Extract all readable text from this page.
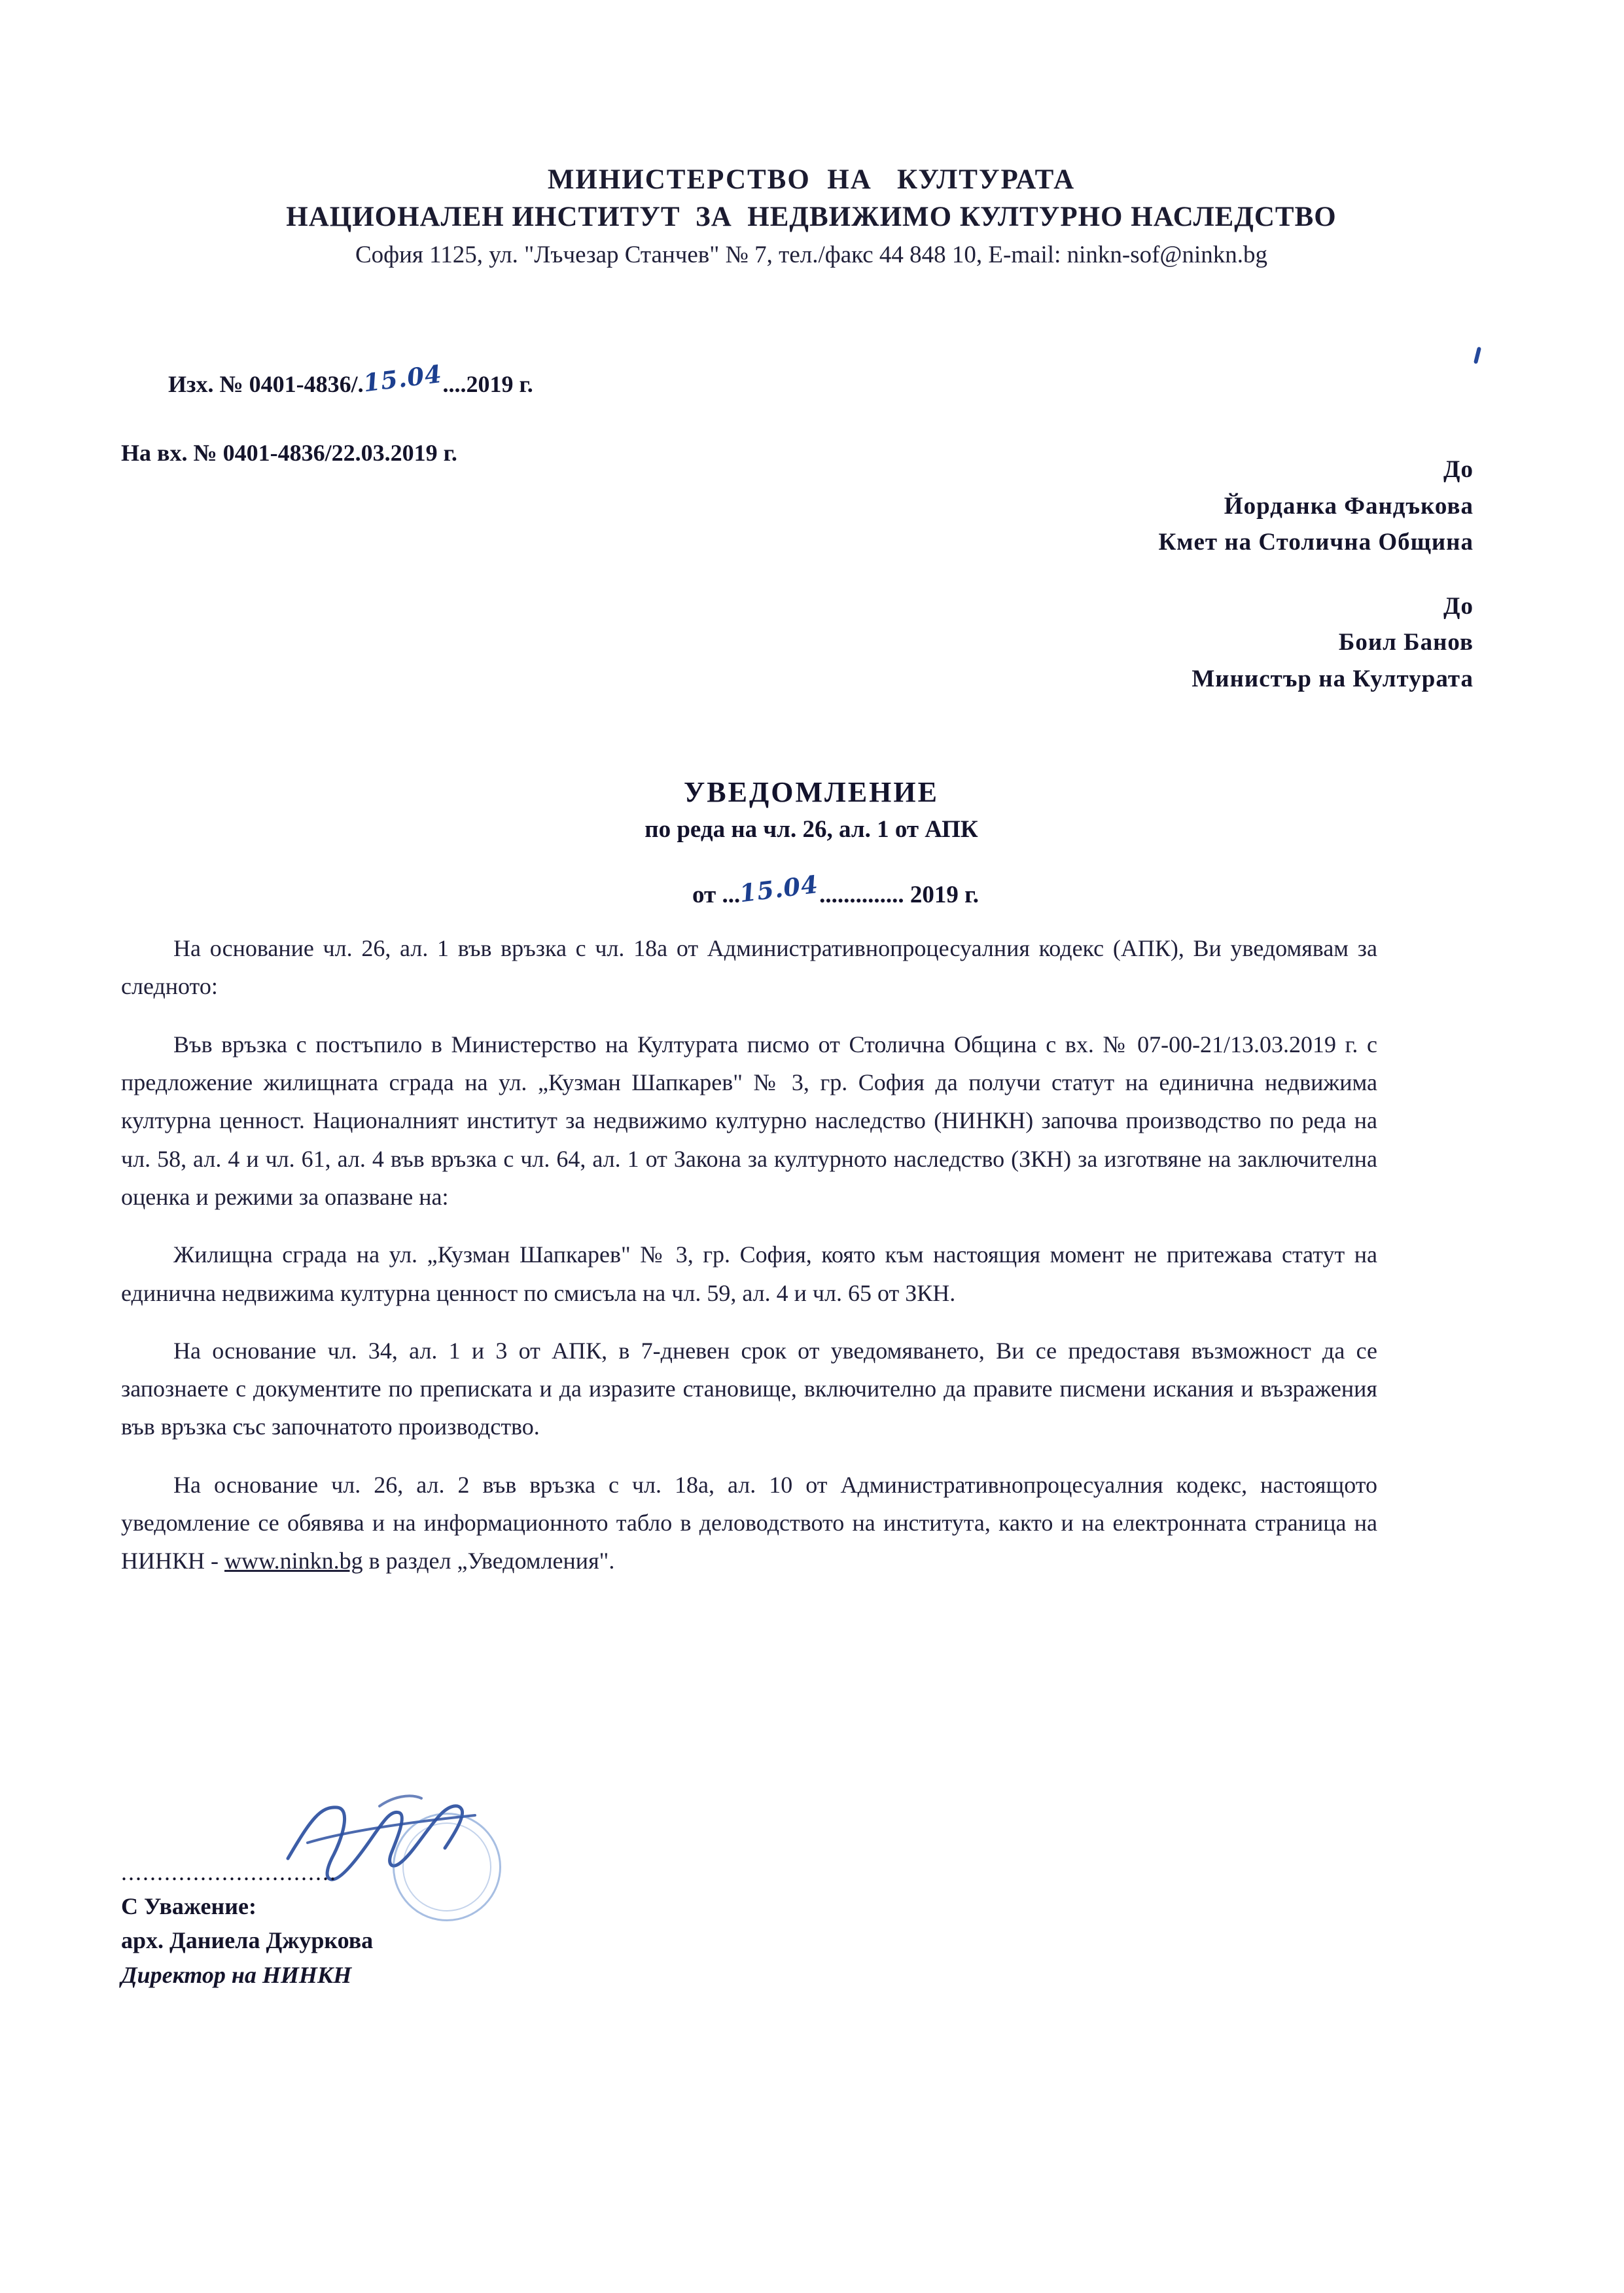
МИНИСТЕРСТВО  НА   КУЛТУРАТА
НАЦИОНАЛЕН ИНСТИТУТ  ЗА  НЕДВИЖИМО КУЛТУРНО НАСЛЕДСТВО
София 1125, ул. "Лъчезар Станчев" № 7, тел./факс 44 848 10, E-mail: ninkn-sof@ninkn.bg

Изх. № 0401-4836/.15.04....2019 г.

На вх. № 0401-4836/22.03.2019 г.
До
Йорданка Фандъкова
Кмет на Столична Община
До
Боил Банов
Министър на Културата
УВЕДОМЛЕНИЕ
по реда на чл. 26, ал. 1 от АПК

от ...15.04.............. 2019 г.

На основание чл. 26, ал. 1 във връзка с чл. 18а от Административнопроцесуалния кодекс (АПК), Ви уведомявам за следното:

Във връзка с постъпило в Министерство на Културата писмо от Столична Община с вх. № 07-00-21/13.03.2019 г. с предложение жилищната сграда на ул. „Кузман Шапкарев" № 3, гр. София да получи статут на единична недвижима културна ценност. Националният институт за недвижимо културно наследство (НИНКН) започва производство по реда на чл. 58, ал. 4 и чл. 61, ал. 4 във връзка с чл. 64, ал. 1 от Закона за културното наследство (ЗКН) за изготвяне на заключителна оценка и режими за опазване на:

Жилищна сграда на ул. „Кузман Шапкарев" № 3, гр. София, която към настоящия момент не притежава статут на единична недвижима културна ценност по смисъла на чл. 59, ал. 4 и чл. 65 от ЗКН.

На основание чл. 34, ал. 1 и 3 от АПК, в 7-дневен срок от уведомяването, Ви се предоставя възможност да се запознаете с документите по преписката и да изразите становище, включително да правите писмени искания и възражения във връзка със започнатото производство.

На основание чл. 26, ал. 2 във връзка с чл. 18а, ал. 10 от Административнопроцесуалния кодекс, настоящото уведомление се обявява и на информационното табло в деловодството на института, както и на електронната страница на НИНКН - www.ninkn.bg в раздел „Уведомления".

..............................
С Уважение:
арх. Даниела Джуркова
Директор на НИНКН
